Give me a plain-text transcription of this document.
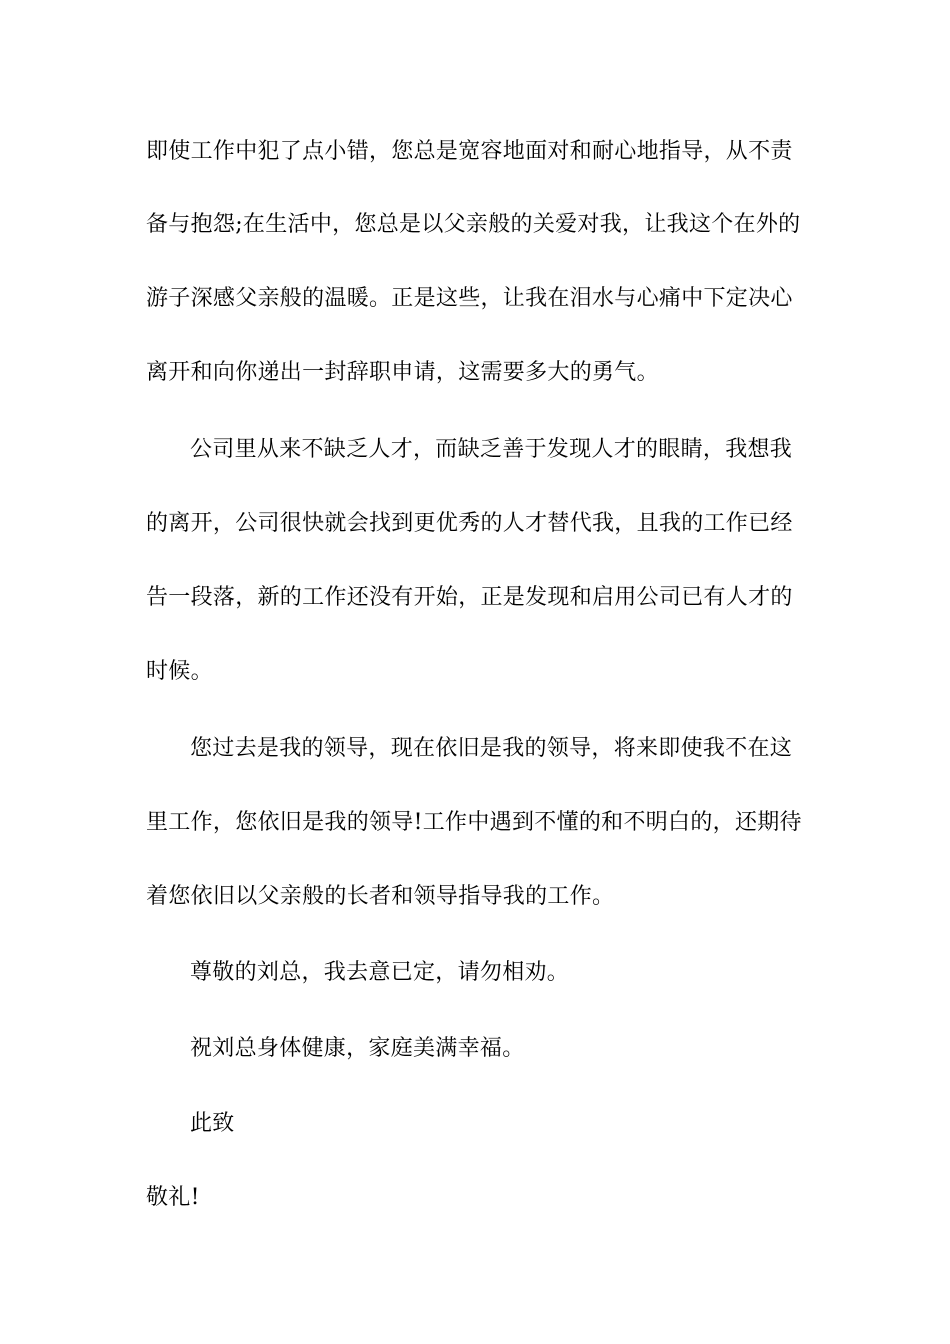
即使工作中犯了点小错，您总是宽容地面对和耐心地指导，从不责
备与抱怨;在生活中，您总是以父亲般的关爱对我，让我这个在外的
游子深感父亲般的温暖。正是这些，让我在泪水与心痛中下定决心
离开和向你递出一封辞职申请，这需要多大的勇气。
公司里从来不缺乏人才，而缺乏善于发现人才的眼睛，我想我
的离开，公司很快就会找到更优秀的人才替代我，且我的工作已经
告一段落，新的工作还没有开始，正是发现和启用公司已有人才的
时候。
您过去是我的领导，现在依旧是我的领导，将来即使我不在这
里工作，您依旧是我的领导!工作中遇到不懂的和不明白的，还期待
着您依旧以父亲般的长者和领导指导我的工作。
尊敬的刘总，我去意已定，请勿相劝。
祝刘总身体健康，家庭美满幸福。
此致
敬礼!
